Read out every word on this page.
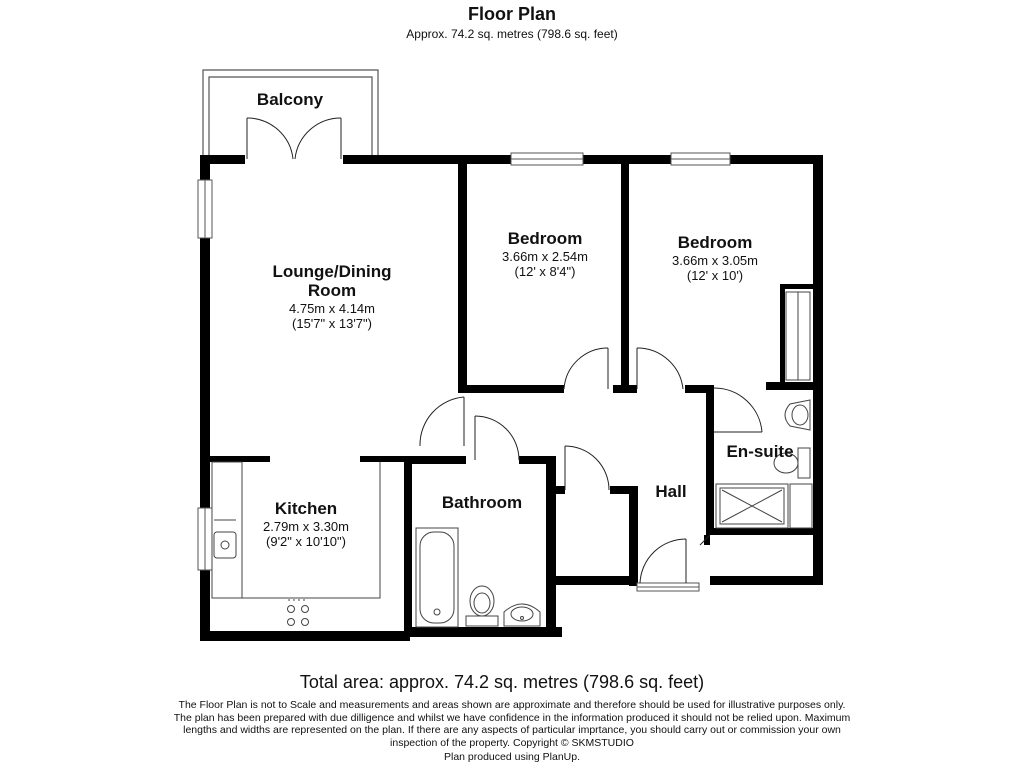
Floor Plan
Approx. 74.2 sq. metres (798.6 sq. feet)
Balcony
Lounge/Dining
Room
4.75m x 4.14m
(15'7" x 13'7")
Bedroom
3.66m x 2.54m
(12' x 8'4")
Bedroom
3.66m x 3.05m
(12' x 10')
Kitchen
2.79m x 3.30m
(9'2" x 10'10")
Bathroom
En-suite
Hall
Total area: approx. 74.2 sq. metres (798.6 sq. feet)
The Floor Plan is not to Scale and measurements and areas shown are approximate and therefore should be used for illustrative purposes only. The plan has been prepared with due dilligence and whilst we have confidence in the information produced it should not be relied upon. Maximum lengths and widths are represented on the plan. If there are any aspects of particular imprtance, you should carry out or commission your own inspection of the property. Copyright © SKMSTUDIO
Plan produced using PlanUp.
